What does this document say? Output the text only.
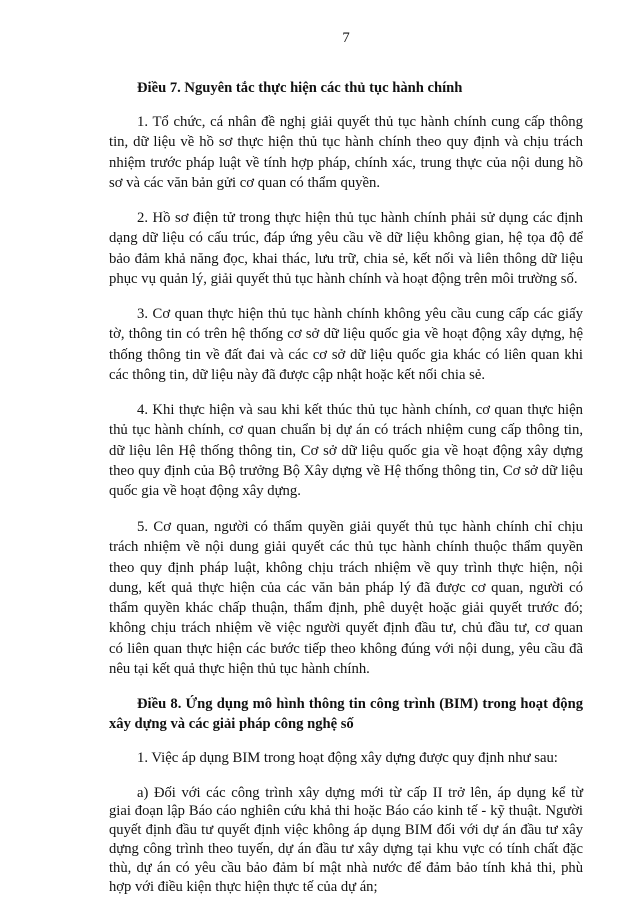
7
Điều 7. Nguyên tắc thực hiện các thủ tục hành chính
1. Tổ chức, cá nhân đề nghị giải quyết thủ tục hành chính cung cấp thông
tin, dữ liệu về hồ sơ thực hiện thủ tục hành chính theo quy định và chịu trách
nhiệm trước pháp luật về tính hợp pháp, chính xác, trung thực của nội dung hồ
sơ và các văn bản gửi cơ quan có thẩm quyền.
2. Hồ sơ điện tử trong thực hiện thủ tục hành chính phải sử dụng các định
dạng dữ liệu có cấu trúc, đáp ứng yêu cầu về dữ liệu không gian, hệ tọa độ để
bảo đảm khả năng đọc, khai thác, lưu trữ, chia sẻ, kết nối và liên thông dữ liệu
phục vụ quản lý, giải quyết thủ tục hành chính và hoạt động trên môi trường số.
3. Cơ quan thực hiện thủ tục hành chính không yêu cầu cung cấp các giấy
tờ, thông tin có trên hệ thống cơ sở dữ liệu quốc gia về hoạt động xây dựng, hệ
thống thông tin về đất đai và các cơ sở dữ liệu quốc gia khác có liên quan khi
các thông tin, dữ liệu này đã được cập nhật hoặc kết nối chia sẻ.
4. Khi thực hiện và sau khi kết thúc thủ tục hành chính, cơ quan thực hiện
thủ tục hành chính, cơ quan chuẩn bị dự án có trách nhiệm cung cấp thông tin,
dữ liệu lên Hệ thống thông tin, Cơ sở dữ liệu quốc gia về hoạt động xây dựng
theo quy định của Bộ trưởng Bộ Xây dựng về Hệ thống thông tin, Cơ sở dữ liệu
quốc gia về hoạt động xây dựng.
5. Cơ quan, người có thẩm quyền giải quyết thủ tục hành chính chỉ chịu
trách nhiệm về nội dung giải quyết các thủ tục hành chính thuộc thẩm quyền
theo quy định pháp luật, không chịu trách nhiệm về quy trình thực hiện, nội
dung, kết quả thực hiện của các văn bản pháp lý đã được cơ quan, người có
thẩm quyền khác chấp thuận, thẩm định, phê duyệt hoặc giải quyết trước đó;
không chịu trách nhiệm về việc người quyết định đầu tư, chủ đầu tư, cơ quan
có liên quan thực hiện các bước tiếp theo không đúng với nội dung, yêu cầu đã
nêu tại kết quả thực hiện thủ tục hành chính.
Điều 8. Ứng dụng mô hình thông tin công trình (BIM) trong hoạt động
xây dựng và các giải pháp công nghệ số
1. Việc áp dụng BIM trong hoạt động xây dựng được quy định như sau:
a) Đối với các công trình xây dựng mới từ cấp II trở lên, áp dụng kể từ
giai đoạn lập Báo cáo nghiên cứu khả thi hoặc Báo cáo kinh tế - kỹ thuật. Người
quyết định đầu tư quyết định việc không áp dụng BIM đối với dự án đầu tư xây
dựng công trình theo tuyến, dự án đầu tư xây dựng tại khu vực có tính chất đặc
thù, dự án có yêu cầu bảo đảm bí mật nhà nước để đảm bảo tính khả thi, phù
hợp với điều kiện thực hiện thực tế của dự án;
